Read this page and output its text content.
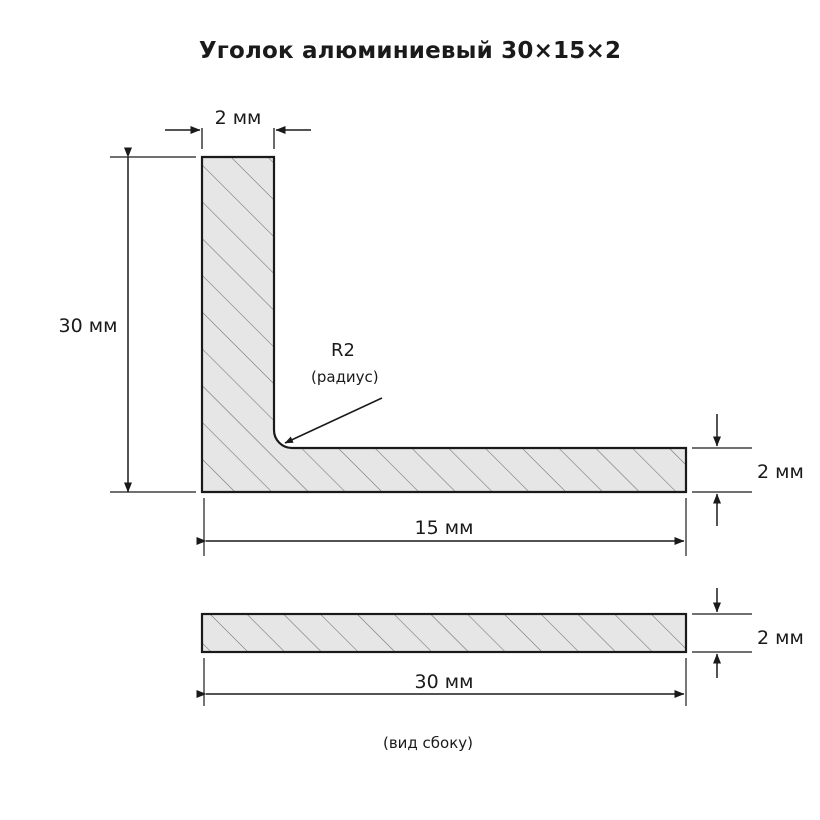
Уголок алюминиевый 30×15×2
2 мм
30 мм
15 мм
2 мм
R2
(радиус)
2 мм
30 мм
(вид сбоку)
